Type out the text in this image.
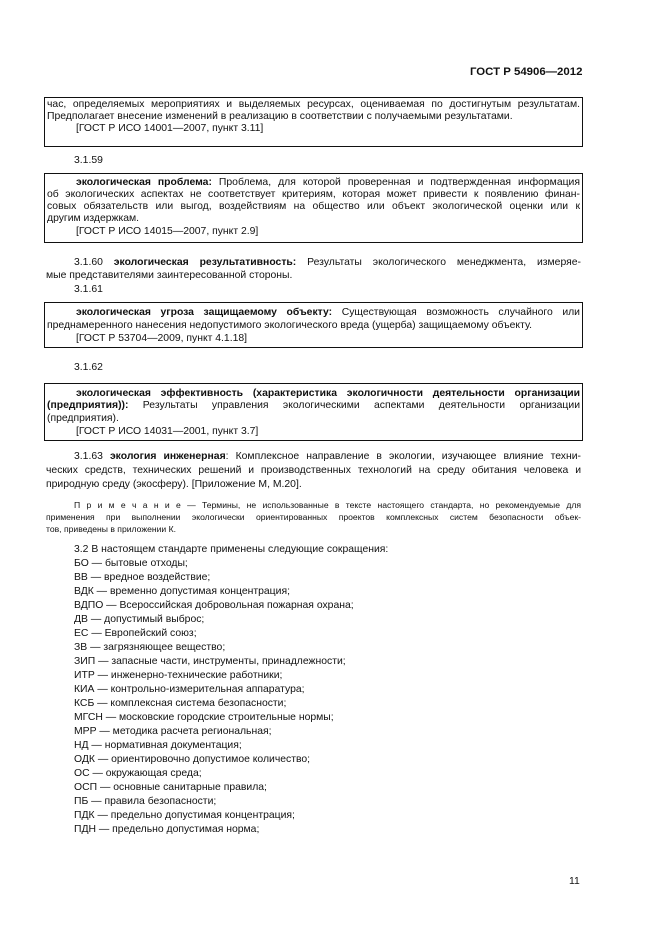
ГОСТ Р 54906—2012
час, определяемых мероприятиях и выделяемых ресурсах, оцениваемая по достигнутым результатам.
Предполагает внесение изменений в реализацию в соответствии с получаемыми результатами.
[ГОСТ Р ИСО 14001—2007, пункт 3.11]
3.1.59
экологическая проблема: Проблема, для которой проверенная и подтвержденная информация
об экологических аспектах не соответствует критериям, которая может привести к появлению финан-
совых обязательств или выгод, воздействиям на общество или объект экологической оценки или к
другим издержкам.
[ГОСТ Р ИСО 14015—2007, пункт 2.9]
3.1.60 экологическая результативность: Результаты экологического менеджмента, измеряе-
мые представителями заинтересованной стороны.
3.1.61
экологическая угроза защищаемому объекту: Существующая возможность случайного или
преднамеренного нанесения недопустимого экологического вреда (ущерба) защищаемому объекту.
[ГОСТ Р 53704—2009, пункт 4.1.18]
3.1.62
экологическая эффективность (характеристика экологичности деятельности организации
(предприятия)): Результаты управления экологическими аспектами деятельности организации
(предприятия).
[ГОСТ Р ИСО 14031—2001, пункт 3.7]
3.1.63 экология инженерная: Комплексное направление в экологии, изучающее влияние техни-
ческих средств, технических решений и производственных технологий на среду обитания человека и
природную среду (экосферу). [Приложение М, М.20].
П р и м е ч а н и е — Термины, не использованные в тексте настоящего стандарта, но рекомендуемые для
применения при выполнении экологически ориентированных проектов комплексных систем безопасности объек-
тов, приведены в приложении К.
3.2 В настоящем стандарте применены следующие сокращения:
БО — бытовые отходы;
ВВ — вредное воздействие;
ВДК — временно допустимая концентрация;
ВДПО — Всероссийская добровольная пожарная охрана;
ДВ — допустимый выброс;
ЕС — Европейский союз;
ЗВ — загрязняющее вещество;
ЗИП — запасные части, инструменты, принадлежности;
ИТР — инженерно-технические работники;
КИА — контрольно-измерительная аппаратура;
КСБ — комплексная система безопасности;
МГСН — московские городские строительные нормы;
МРР — методика расчета региональная;
НД — нормативная документация;
ОДК — ориентировочно допустимое количество;
ОС — окружающая среда;
ОСП — основные санитарные правила;
ПБ — правила безопасности;
ПДК — предельно допустимая концентрация;
ПДН — предельно допустимая норма;
11
